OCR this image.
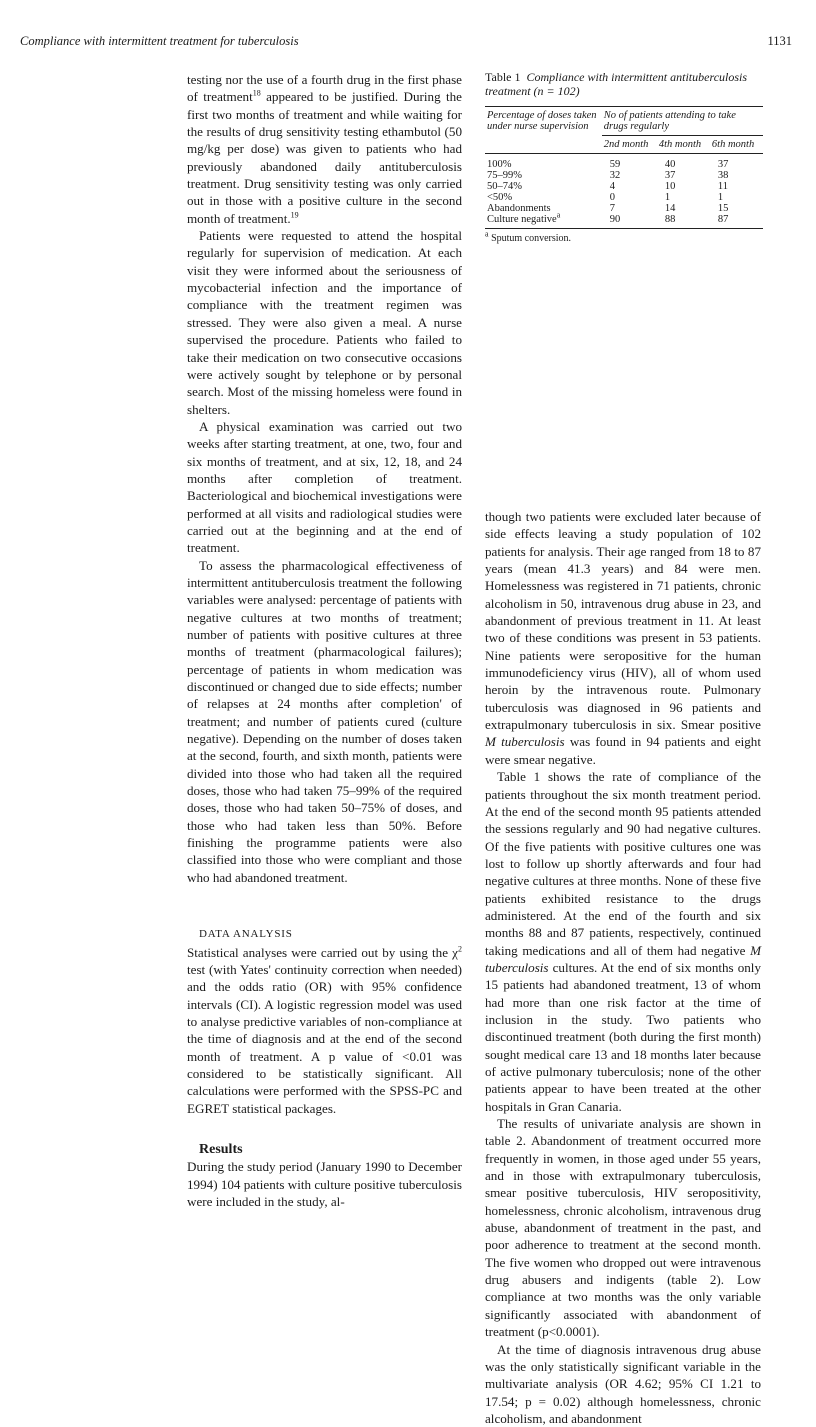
Compliance with intermittent treatment for tuberculosis	1131

testing nor the use of a fourth drug in the first phase of treatment$^{18}$ appeared to be justified. During the first two months of treatment and while waiting for the results of drug sensitivity testing ethambutol (50 mg/kg per dose) was given to patients who had previously abandoned daily antituberculosis treatment. Drug sensitivity testing was only carried out in those with a positive culture in the second month of treatment.$^{19}$

Patients were requested to attend the hospital regularly for supervision of medication. At each visit they were informed about the seriousness of mycobacterial infection and the importance of compliance with the treatment regimen was stressed. They were also given a meal. A nurse supervised the procedure. Patients who failed to take their medication on two consecutive occasions were actively sought by telephone or by personal search. Most of the missing homeless were found in shelters.

A physical examination was carried out two weeks after starting treatment, at one, two, four and six months of treatment, and at six, 12, 18, and 24 months after completion of treatment. Bacteriological and biochemical investigations were performed at all visits and radiological studies were carried out at the beginning and at the end of treatment.

To assess the pharmacological effectiveness of intermittent antituberculosis treatment the following variables were analysed: percentage of patients with negative cultures at two months of treatment; number of patients with positive cultures at three months of treatment (pharmacological failures); percentage of patients in whom medication was discontinued or changed due to side effects; number of relapses at 24 months after completion' of treatment; and number of patients cured (culture negative). Depending on the number of doses taken at the second, fourth, and sixth month, patients were divided into those who had taken all the required doses, those who had taken 75–99% of the required doses, those who had taken 50–75% of doses, and those who had taken less than 50%. Before finishing the programme patients were also classified into those who were compliant and those who had abandoned treatment.

DATA ANALYSIS

Statistical analyses were carried out by using the $\chi^2$ test (with Yates' continuity correction when needed) and the odds ratio (OR) with 95% confidence intervals (CI). A logistic regression model was used to analyse predictive variables of non-compliance at the time of diagnosis and at the end of the second month of treatment. A p value of <0.01 was considered to be statistically significant. All calculations were performed with the SPSS-PC and EGRET statistical packages.

Results

During the study period (January 1990 to December 1994) 104 patients with culture positive tuberculosis were included in the study, al-

Table 1 Compliance with intermittent antituberculosis treatment (n = 102)
Percentage of doses taken under nurse supervision	No of patients attending to take drugs regularly		
	2nd month	4th month	6th month
100%	59	40	37
75–99%	32	37	38
50–74%	4	10	11
<50%	0	1	1
Abandonments	7	14	15
Culture negative$^a$	90	88	87
$^a$ Sputum conversion.

though two patients were excluded later because of side effects leaving a study population of 102 patients for analysis. Their age ranged from 18 to 87 years (mean 41.3 years) and 84 were men. Homelessness was registered in 71 patients, chronic alcoholism in 50, intravenous drug abuse in 23, and abandonment of previous treatment in 11. At least two of these conditions was present in 53 patients. Nine patients were seropositive for the human immunodeficiency virus (HIV), all of whom used heroin by the intravenous route. Pulmonary tuberculosis was diagnosed in 96 patients and extrapulmonary tuberculosis in six. Smear positive M tuberculosis was found in 94 patients and eight were smear negative.

Table 1 shows the rate of compliance of the patients throughout the six month treatment period. At the end of the second month 95 patients attended the sessions regularly and 90 had negative cultures. Of the five patients with positive cultures one was lost to follow up shortly afterwards and four had negative cultures at three months. None of these five patients exhibited resistance to the drugs administered. At the end of the fourth and six months 88 and 87 patients, respectively, continued taking medications and all of them had negative M tuberculosis cultures. At the end of six months only 15 patients had abandoned treatment, 13 of whom had more than one risk factor at the time of inclusion in the study. Two patients who discontinued treatment (both during the first month) sought medical care 13 and 18 months later because of active pulmonary tuberculosis; none of the other patients appear to have been treated at the other hospitals in Gran Canaria.

The results of univariate analysis are shown in table 2. Abandonment of treatment occurred more frequently in women, in those aged under 55 years, and in those with extrapulmonary tuberculosis, smear positive tuberculosis, HIV seropositivity, homelessness, chronic alcoholism, intravenous drug abuse, abandonment of treatment in the past, and poor adherence to treatment at the second month. The five women who dropped out were intravenous drug abusers and indigents (table 2). Low compliance at two months was the only variable significantly associated with abandonment of treatment (p<0.0001).

At the time of diagnosis intravenous drug abuse was the only statistically significant variable in the multivariate analysis (OR 4.62; 95% CI 1.21 to 17.54; p = 0.02) although homelessness, chronic alcoholism, and abandonment
